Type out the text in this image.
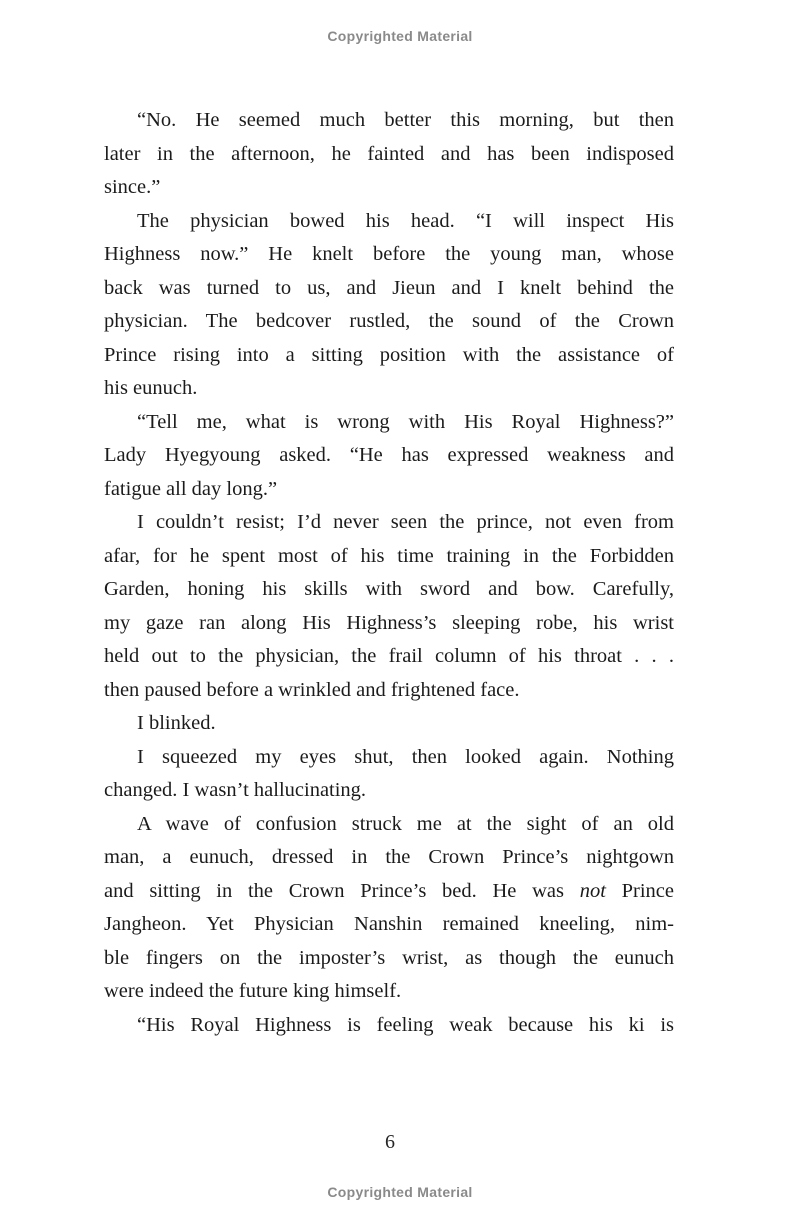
Copyrighted Material

“No. He seemed much better this morning, but then
later in the afternoon, he fainted and has been indisposed
since.”

The physician bowed his head. “I will inspect His
Highness now.” He knelt before the young man, whose
back was turned to us, and Jieun and I knelt behind the
physician. The bedcover rustled, the sound of the Crown
Prince rising into a sitting position with the assistance of
his eunuch.

“Tell me, what is wrong with His Royal Highness?”
Lady Hyegyoung asked. “He has expressed weakness and
fatigue all day long.”

I couldn’t resist; I’d never seen the prince, not even from
afar, for he spent most of his time training in the Forbidden
Garden, honing his skills with sword and bow. Carefully,
my gaze ran along His Highness’s sleeping robe, his wrist
held out to the physician, the frail column of his throat . . .
then paused before a wrinkled and frightened face.

I blinked.

I squeezed my eyes shut, then looked again. Nothing
changed. I wasn’t hallucinating.

A wave of confusion struck me at the sight of an old
man, a eunuch, dressed in the Crown Prince’s nightgown
and sitting in the Crown Prince’s bed. He was not Prince
Jangheon. Yet Physician Nanshin remained kneeling, nim-
ble fingers on the imposter’s wrist, as though the eunuch
were indeed the future king himself.

“His Royal Highness is feeling weak because his ki is

6
Copyrighted Material
